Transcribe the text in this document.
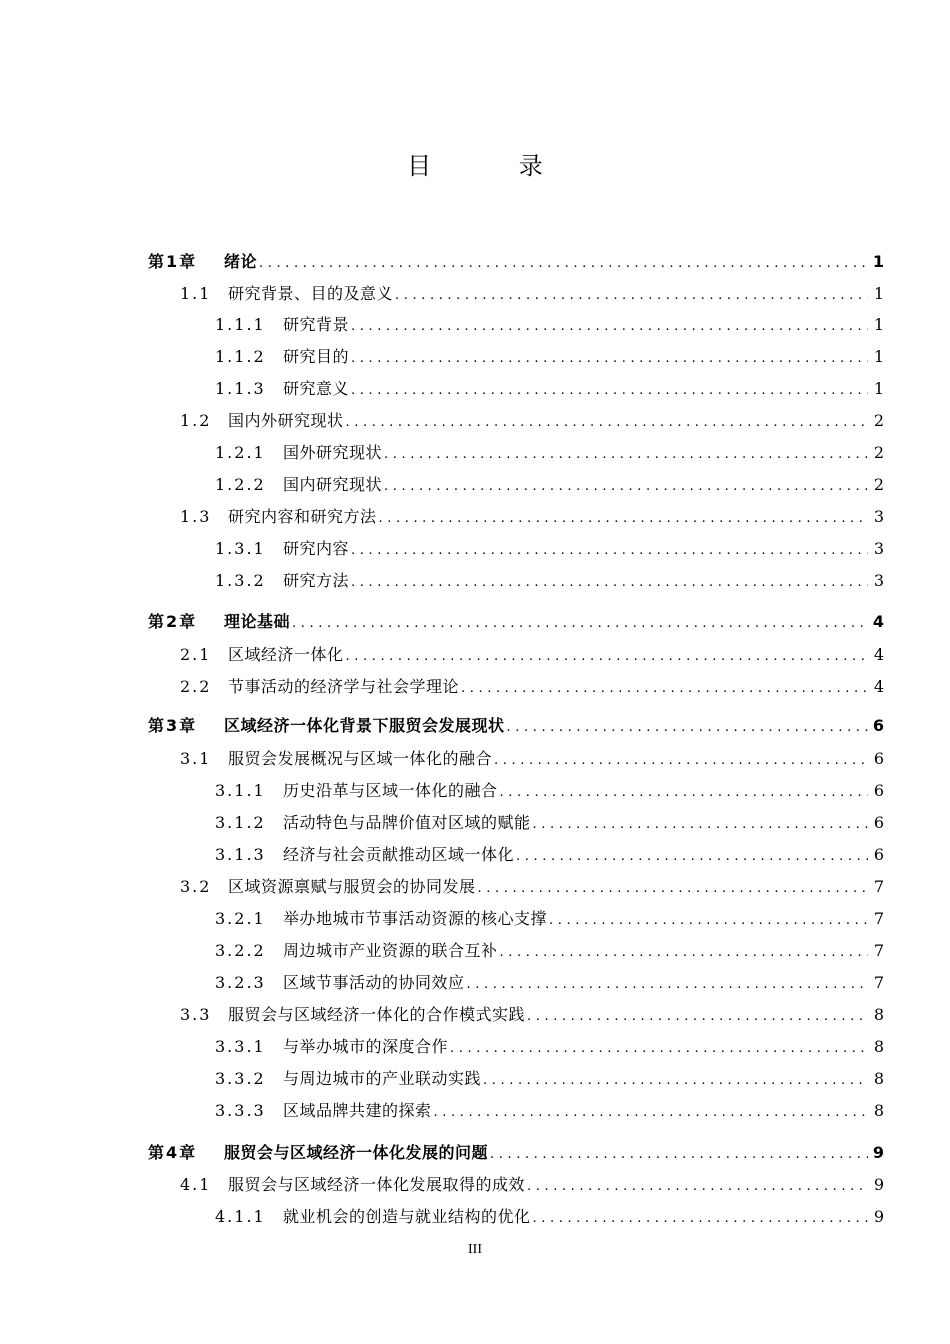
目 录
第1章	绪论 .....	1
1.1	研究背景、目的及意义 .....	1
1.1.1	研究背景 .....	1
1.1.2	研究目的 .....	1
1.1.3	研究意义 .....	1
1.2	国内外研究现状 .....	2
1.2.1	国外研究现状 .....	2
1.2.2	国内研究现状 .....	2
1.3	研究内容和研究方法 .....	3
1.3.1	研究内容 .....	3
1.3.2	研究方法 .....	3
第2章	理论基础 .....	4
2.1	区域经济一体化 .....	4
2.2	节事活动的经济学与社会学理论 .....	4
第3章	区域经济一体化背景下服贸会发展现状 .....	6
3.1	服贸会发展概况与区域一体化的融合 .....	6
3.1.1	历史沿革与区域一体化的融合 .....	6
3.1.2	活动特色与品牌价值对区域的赋能 .....	6
3.1.3	经济与社会贡献推动区域一体化 .....	6
3.2	区域资源禀赋与服贸会的协同发展 .....	7
3.2.1	举办地城市节事活动资源的核心支撑 .....	7
3.2.2	周边城市产业资源的联合互补 .....	7
3.2.3	区域节事活动的协同效应 .....	7
3.3	服贸会与区域经济一体化的合作模式实践 .....	8
3.3.1	与举办城市的深度合作 .....	8
3.3.2	与周边城市的产业联动实践 .....	8
3.3.3	区域品牌共建的探索 .....	8
第4章	服贸会与区域经济一体化发展的问题 .....	9
4.1	服贸会与区域经济一体化发展取得的成效 .....	9
4.1.1	就业机会的创造与就业结构的优化 .....	9
III
